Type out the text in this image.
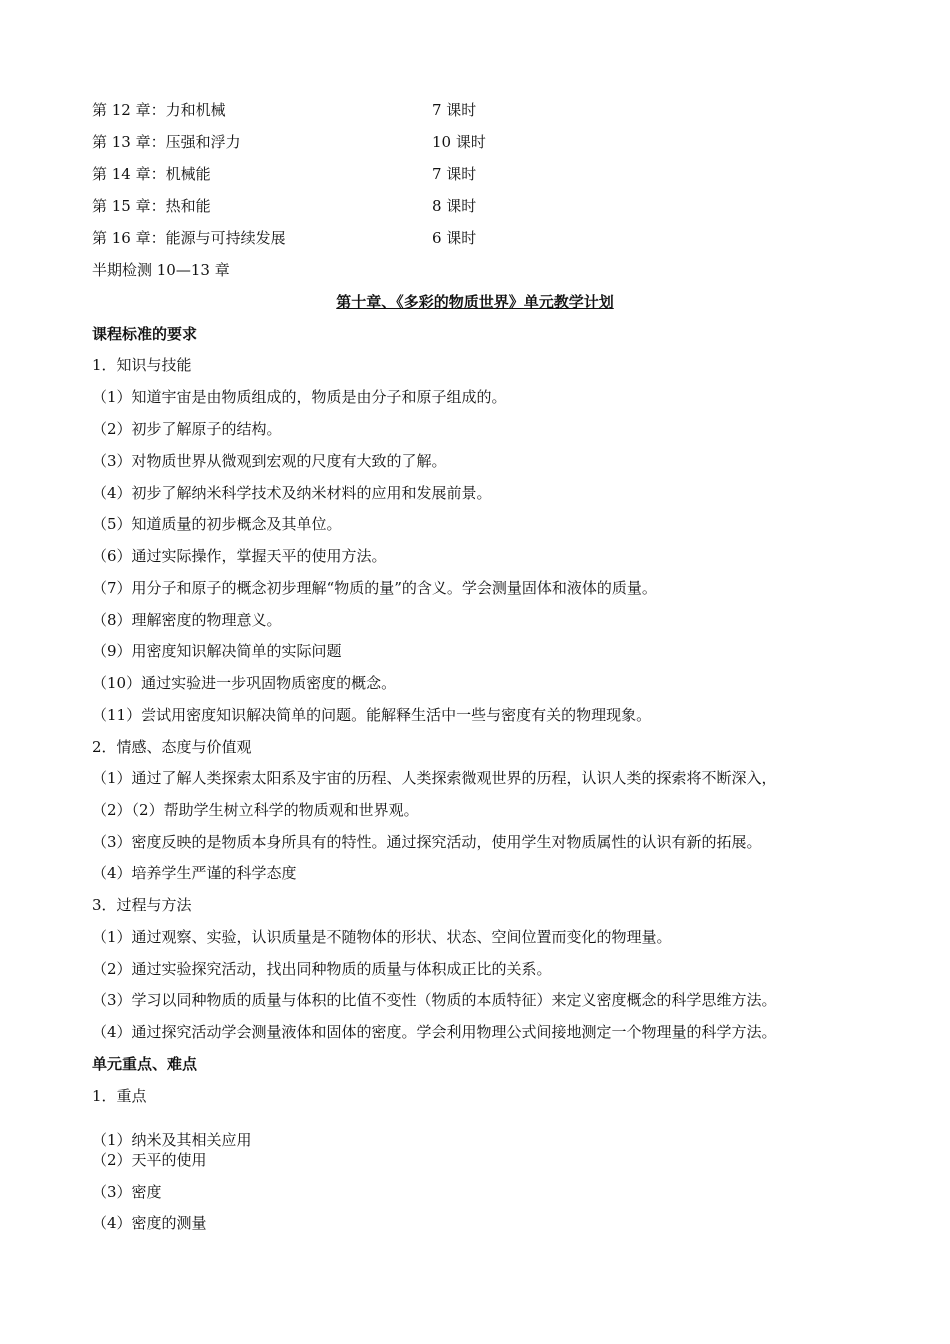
第 12 章：力和机械	7 课时
第 13 章：压强和浮力	10 课时
第 14 章：机械能	7 课时
第 15 章：热和能	8 课时
第 16 章：能源与可持续发展	6 课时
半期检测 10—13 章
第十章、《多彩的物质世界》单元教学计划
课程标准的要求
1．知识与技能
（1）知道宇宙是由物质组成的，物质是由分子和原子组成的。
（2）初步了解原子的结构。
（3）对物质世界从微观到宏观的尺度有大致的了解。
（4）初步了解纳米科学技术及纳米材料的应用和发展前景。
（5）知道质量的初步概念及其单位。
（6）通过实际操作，掌握天平的使用方法。
（7）用分子和原子的概念初步理解“物质的量”的含义。学会测量固体和液体的质量。
（8）理解密度的物理意义。
（9）用密度知识解决简单的实际问题
（10）通过实验进一步巩固物质密度的概念。
（11）尝试用密度知识解决简单的问题。能解释生活中一些与密度有关的物理现象。
2．情感、态度与价值观
（1）通过了解人类探索太阳系及宇宙的历程、人类探索微观世界的历程，认识人类的探索将不断深入，
（2）（2）帮助学生树立科学的物质观和世界观。
（3）密度反映的是物质本身所具有的特性。通过探究活动，使用学生对物质属性的认识有新的拓展。
（4）培养学生严谨的科学态度
3．过程与方法
（1）通过观察、实验，认识质量是不随物体的形状、状态、空间位置而变化的物理量。
（2）通过实验探究活动，找出同种物质的质量与体积成正比的关系。
（3）学习以同种物质的质量与体积的比值不变性（物质的本质特征）来定义密度概念的科学思维方法。
（4）通过探究活动学会测量液体和固体的密度。学会利用物理公式间接地测定一个物理量的科学方法。
单元重点、难点
1．重点
（1）纳米及其相关应用
（2）天平的使用
（3）密度
（4）密度的测量
